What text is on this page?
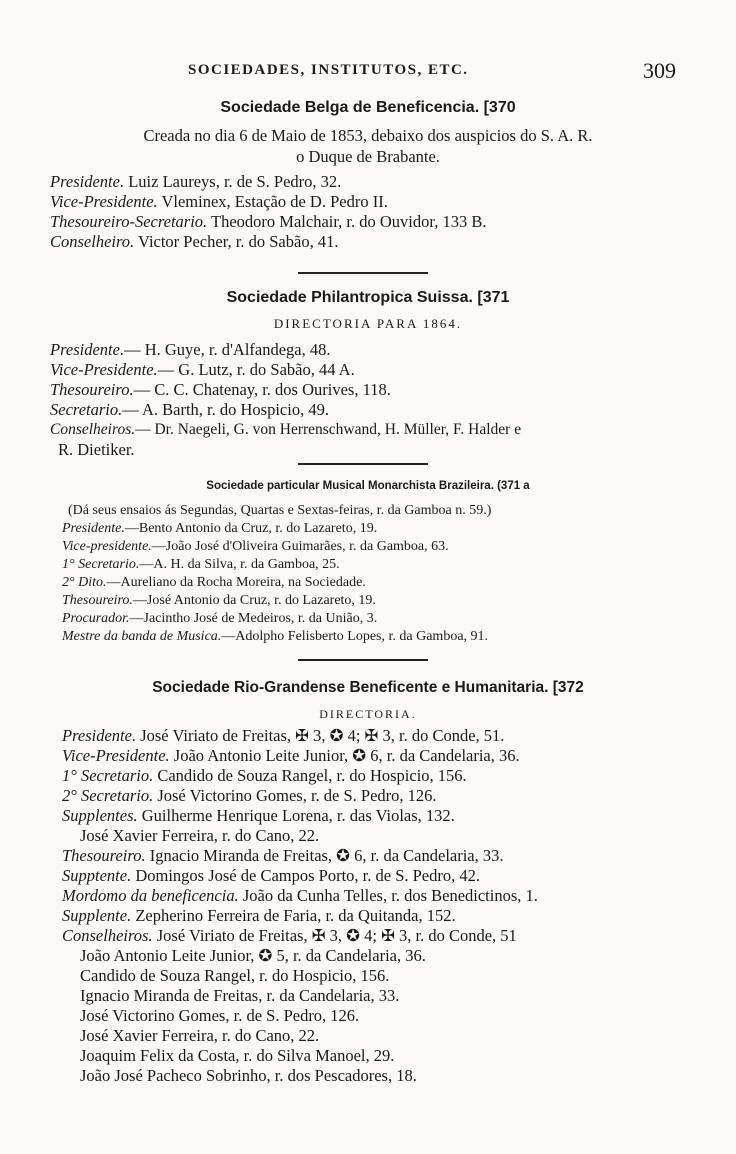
SOCIEDADES, INSTITUTOS, ETC.	309
Sociedade Belga de Beneficencia. [370
Creada no dia 6 de Maio de 1853, debaixo dos auspicios do S. A. R.
o Duque de Brabante.
Presidente. Luiz Laureys, r. de S. Pedro, 32.
Vice-Presidente. Vleminex, Estação de D. Pedro II.
Thesoureiro-Secretario. Theodoro Malchair, r. do Ouvidor, 133 B.
Conselheiro. Victor Pecher, r. do Sabão, 41.
Sociedade Philantropica Suissa. [371
DIRECTORIA PARA 1864.
Presidente.— H. Guye, r. d'Alfandega, 48.
Vice-Presidente.— G. Lutz, r. do Sabão, 44 A.
Thesoureiro.— C. C. Chatenay, r. dos Ourives, 118.
Secretario.— A. Barth, r. do Hospicio, 49.
Conselheiros.— Dr. Naegeli, G. von Herrenschwand, H. Müller, F. Halder e
R. Dietiker.
Sociedade particular Musical Monarchista Brazileira. (371 a
(Dá seus ensaios ás Segundas, Quartas e Sextas-feiras, r. da Gamboa n. 59.)
Presidente.—Bento Antonio da Cruz, r. do Lazareto, 19.
Vice-presidente.—João José d'Oliveira Guimarães, r. da Gamboa, 63.
1° Secretario.—A. H. da Silva, r. da Gamboa, 25.
2° Dito.—Aureliano da Rocha Moreira, na Sociedade.
Thesoureiro.—José Antonio da Cruz, r. do Lazareto, 19.
Procurador.—Jacintho José de Medeiros, r. da União, 3.
Mestre da banda de Musica.—Adolpho Felisberto Lopes, r. da Gamboa, 91.
Sociedade Rio-Grandense Beneficente e Humanitaria. [372
DIRECTORIA.
Presidente. José Viriato de Freitas, ✠ 3, ✪ 4; ✠ 3, r. do Conde, 51.
Vice-Presidente. João Antonio Leite Junior, ✪ 6, r. da Candelaria, 36.
1° Secretario. Candido de Souza Rangel, r. do Hospicio, 156.
2° Secretario. José Victorino Gomes, r. de S. Pedro, 126.
Supplentes. Guilherme Henrique Lorena, r. das Violas, 132.
José Xavier Ferreira, r. do Cano, 22.
Thesoureiro. Ignacio Miranda de Freitas, ✪ 6, r. da Candelaria, 33.
Supptente. Domingos José de Campos Porto, r. de S. Pedro, 42.
Mordomo da beneficencia. João da Cunha Telles, r. dos Benedictinos, 1.
Supplente. Zepherino Ferreira de Faria, r. da Quitanda, 152.
Conselheiros. José Viriato de Freitas, ✠ 3, ✪ 4; ✠ 3, r. do Conde, 51
João Antonio Leite Junior, ✪ 5, r. da Candelaria, 36.
Candido de Souza Rangel, r. do Hospicio, 156.
Ignacio Miranda de Freitas, r. da Candelaria, 33.
José Victorino Gomes, r. de S. Pedro, 126.
José Xavier Ferreira, r. do Cano, 22.
Joaquim Felix da Costa, r. do Silva Manoel, 29.
João José Pacheco Sobrinho, r. dos Pescadores, 18.
